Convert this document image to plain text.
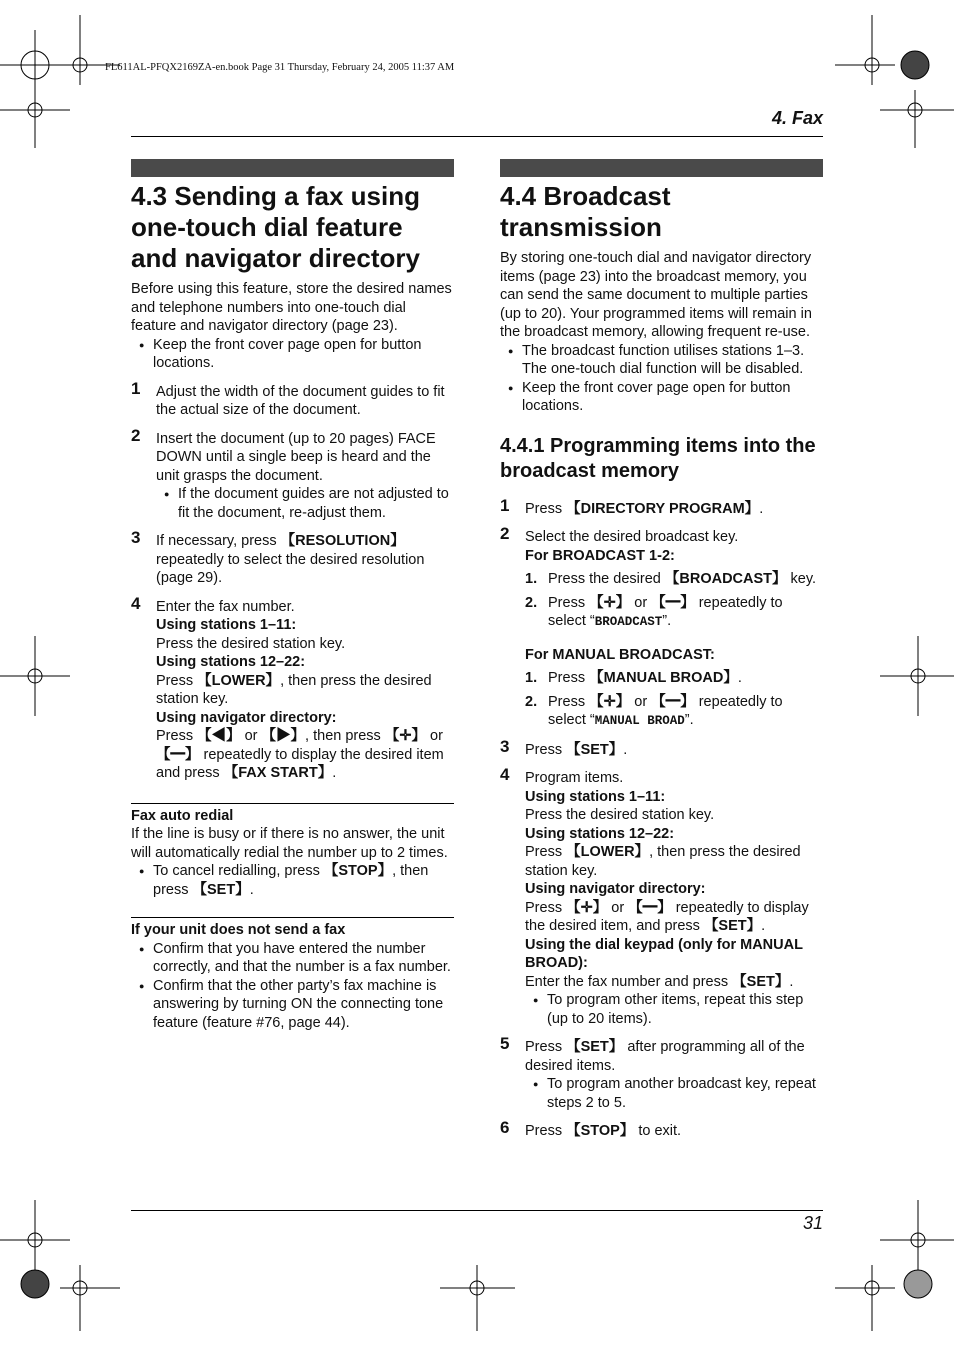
FL611AL-PFQX2169ZA-en.book Page 31 Thursday, February 24, 2005 11:37 AM
4. Fax
4.3 Sending a fax using one-touch dial feature and navigator directory

Before using this feature, store the desired names and telephone numbers into one-touch dial feature and navigator directory (page 23).

● Keep the front cover page open for button locations.

1 Adjust the width of the document guides to fit the actual size of the document.

2 Insert the document (up to 20 pages) FACE DOWN until a single beep is heard and the unit grasps the document.

● If the document guides are not adjusted to fit the document, re-adjust them.

3 If necessary, press 【RESOLUTION】 repeatedly to select the desired resolution (page 29).

4 Enter the fax number.

Using stations 1–11:

Press the desired station key.

Using stations 12–22:

Press 【LOWER】, then press the desired station key.

Using navigator directory:

Press 【◀】 or 【▶】, then press 【✛】 or 【━】 repeatedly to display the desired item and press 【FAX START】.

Fax auto redial

If the line is busy or if there is no answer, the unit will automatically redial the number up to 2 times.

● To cancel redialling, press 【STOP】, then press 【SET】.

If your unit does not send a fax

● Confirm that you have entered the number correctly, and that the number is a fax number.

● Confirm that the other party’s fax machine is answering by turning ON the connecting tone feature (feature #76, page 44).

4.4 Broadcast transmission

By storing one-touch dial and navigator directory items (page 23) into the broadcast memory, you can send the same document to multiple parties (up to 20). Your programmed items will remain in the broadcast memory, allowing frequent re-use.

● The broadcast function utilises stations 1–3. The one-touch dial function will be disabled.

● Keep the front cover page open for button locations.

4.4.1 Programming items into the broadcast memory
1 Press 【DIRECTORY PROGRAM】.

2 Select the desired broadcast key.

For BROADCAST 1-2:

1. Press the desired 【BROADCAST】 key.
2. Press 【✛】 or 【━】 repeatedly to select “BROADCAST”.

For MANUAL BROADCAST:

1. Press 【MANUAL BROAD】.
2. Press 【✛】 or 【━】 repeatedly to select “MANUAL BROAD”.
3 Press 【SET】.

4 Program items.

Using stations 1–11:

Press the desired station key.

Using stations 12–22:

Press 【LOWER】, then press the desired station key.

Using navigator directory:

Press 【✛】 or 【━】 repeatedly to display the desired item, and press 【SET】.

Using the dial keypad (only for MANUAL BROAD):

Enter the fax number and press 【SET】.

● To program other items, repeat this step (up to 20 items).

5 Press 【SET】 after programming all of the desired items.

● To program another broadcast key, repeat steps 2 to 5.

6 Press 【STOP】 to exit.

31
